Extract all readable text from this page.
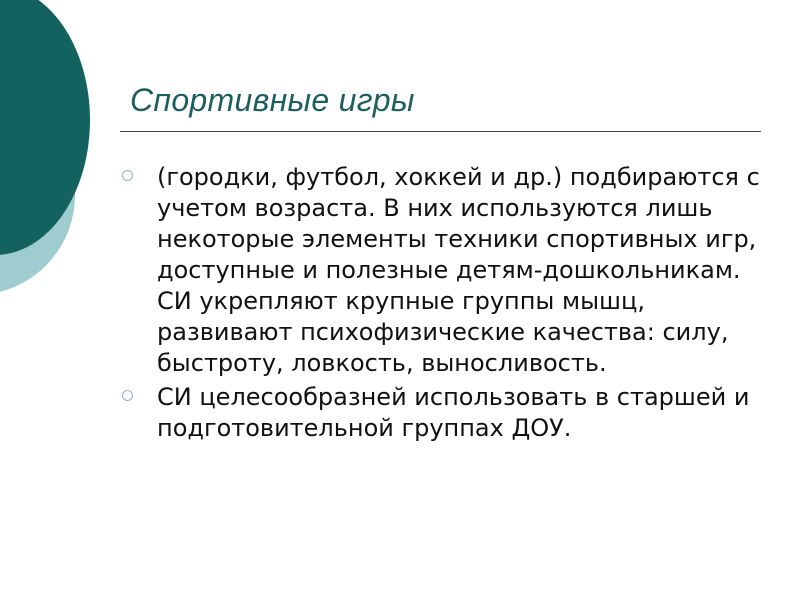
Спортивные игры
(городки, футбол, хоккей и др.) подбираются с учетом возраста. В них используются лишь некоторые элементы техники спортивных игр, доступные и полезные детям-дошкольникам. СИ укрепляют крупные группы мышц, развивают психофизические качества: силу, быстроту, ловкость, выносливость.
СИ целесообразней использовать в старшей и подготовительной группах ДОУ.
